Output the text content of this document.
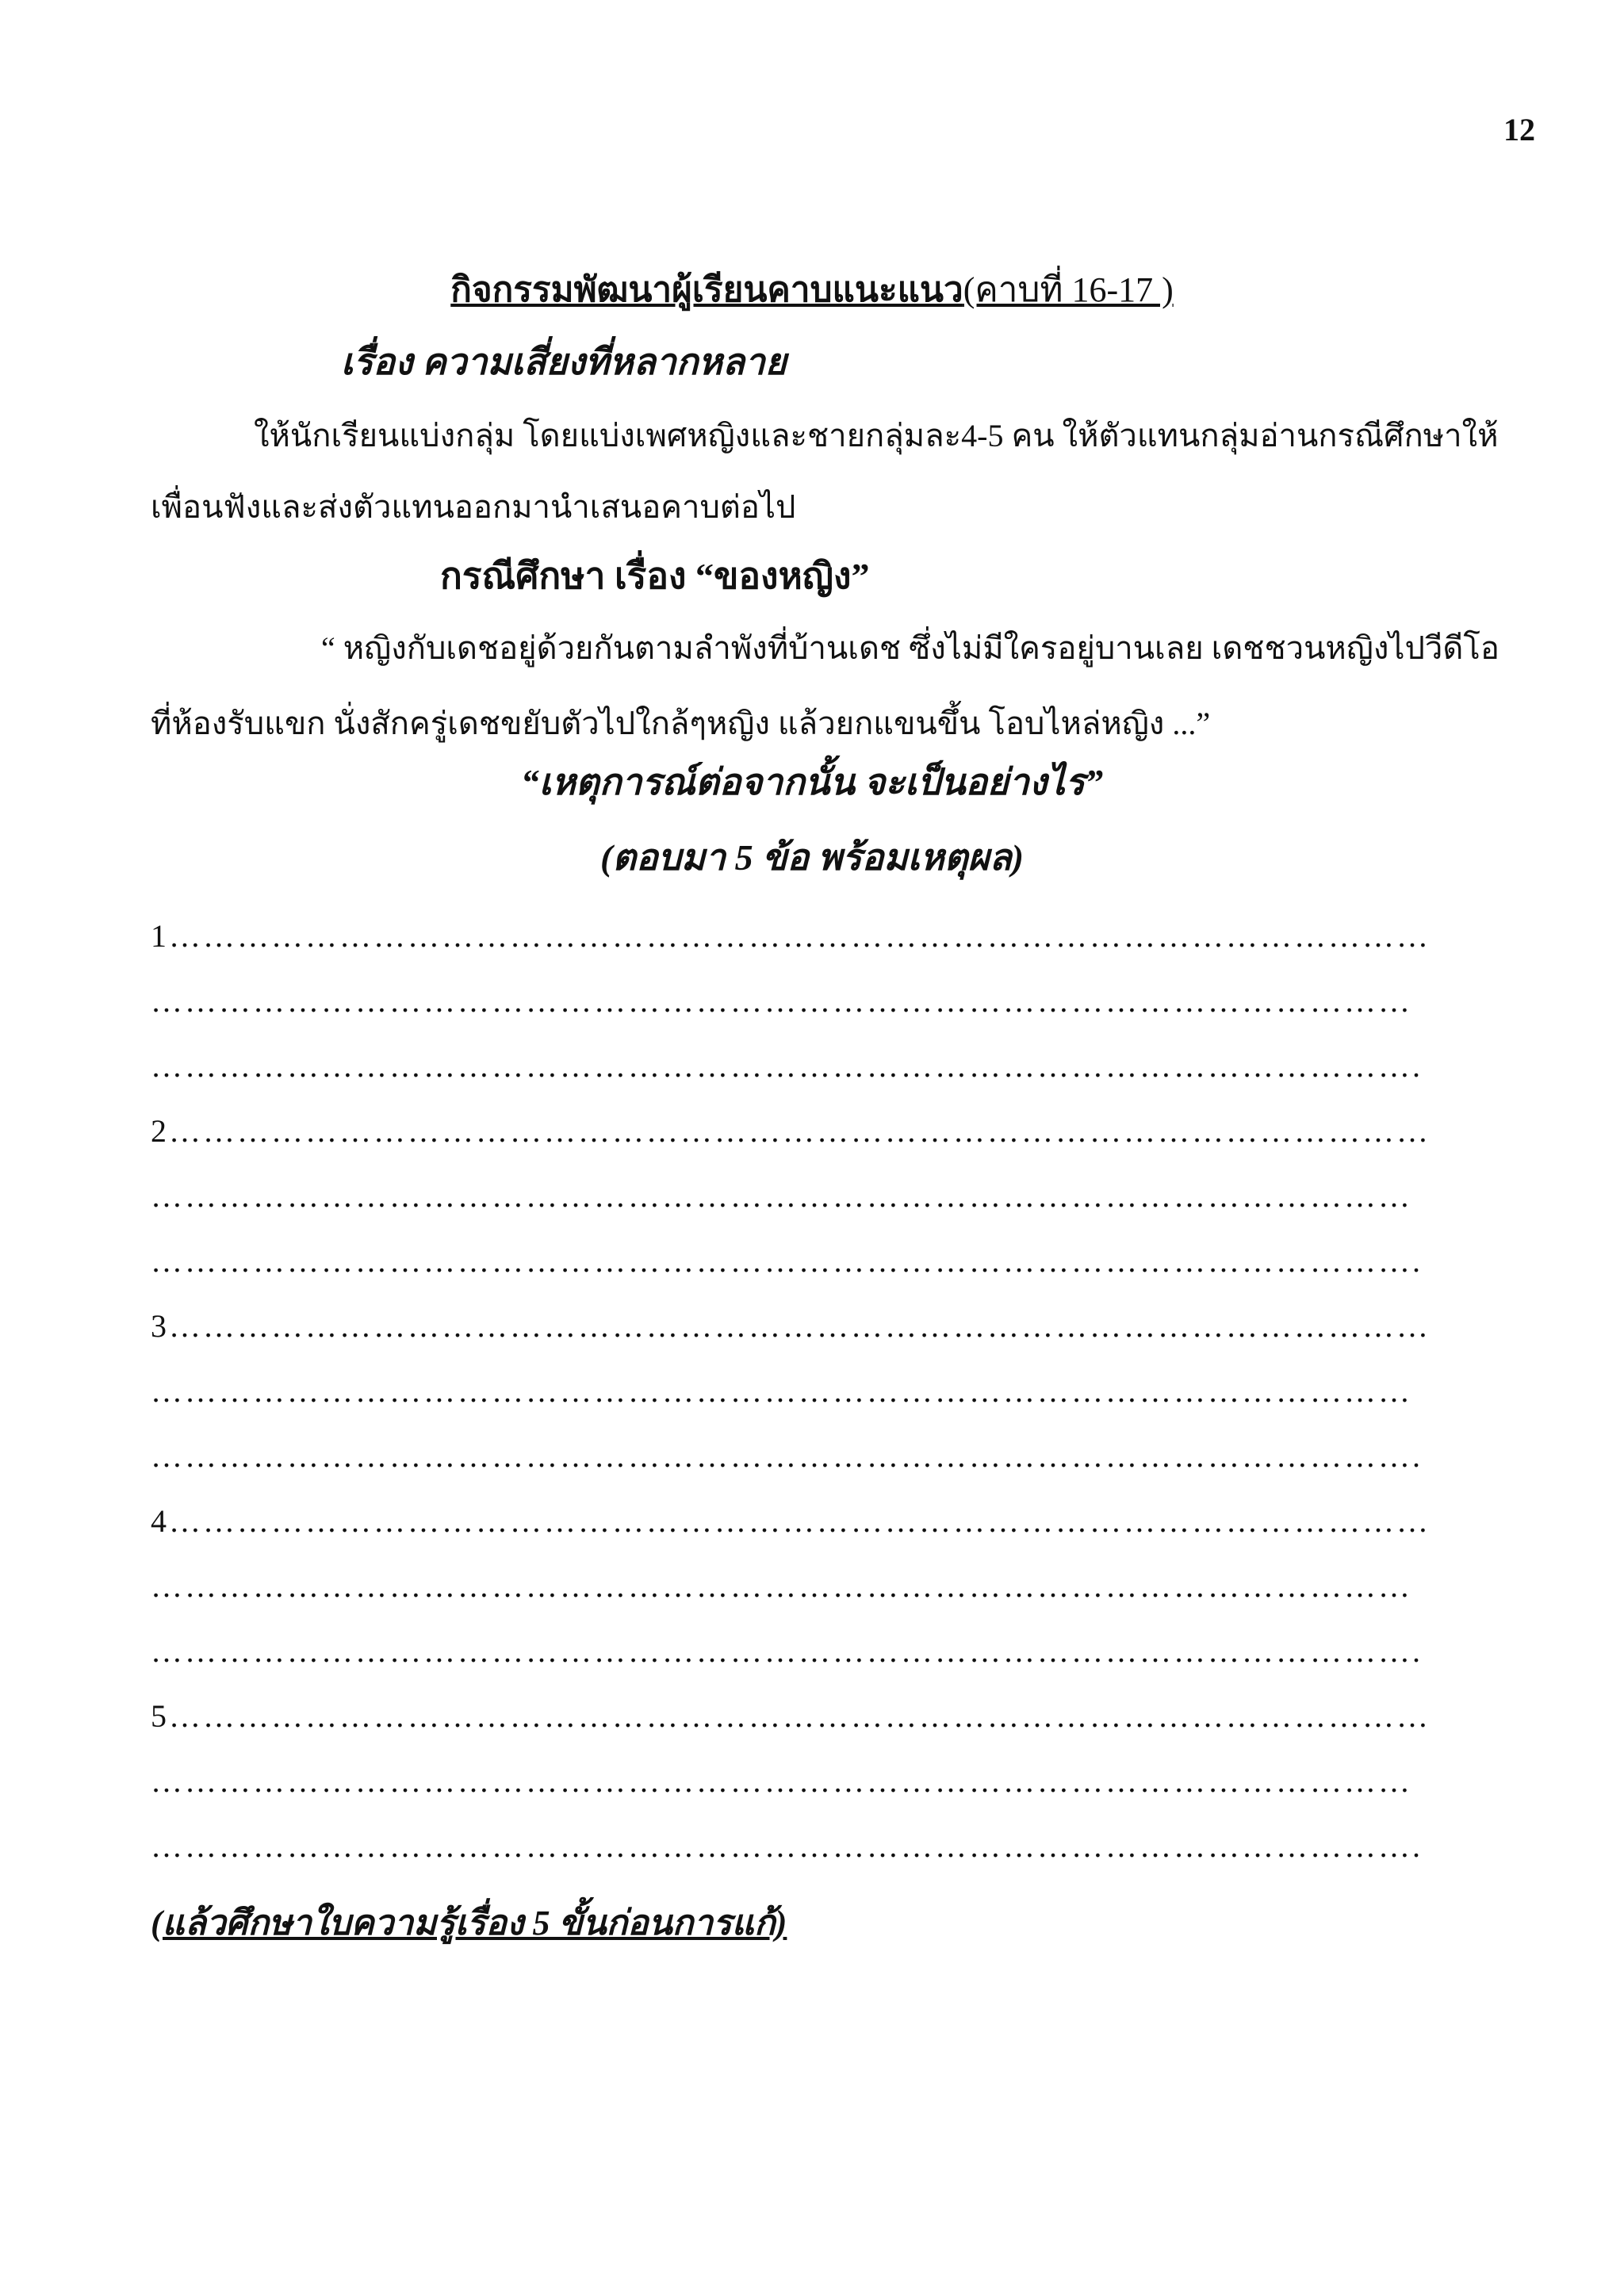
12
กิจกรรมพัฒนาผู้เรียนคาบแนะแนว(คาบที่ 16-17 )
เรื่อง ความเสี่ยงที่หลากหลาย
ให้นักเรียนแบ่งกลุ่ม โดยแบ่งเพศหญิงและชายกลุ่มละ4-5 คน ให้ตัวแทนกลุ่มอ่านกรณีศึกษาให้เพื่อนฟังและส่งตัวแทนออกมานำเสนอคาบต่อไป
กรณีศึกษา เรื่อง “ของหญิง”
“ หญิงกับเดชอยู่ด้วยกันตามลำพังที่บ้านเดช ซึ่งไม่มีใครอยู่บานเลย เดชชวนหญิงไปวีดีโอที่ห้องรับแขก นั่งสักครู่เดชขยับตัวไปใกล้ๆหญิง แล้วยกแขนขึ้น โอบไหล่หญิง ...”
“เหตุการณ์ต่อจากนั้น จะเป็นอย่างไร”
(ตอบมา 5 ข้อ พร้อมเหตุผล)
1…………………………………………………………………………………………………
…………………………………………………………………………………………………
………………………………………………………………………………………………….
2…………………………………………………………………………………………………
…………………………………………………………………………………………………
………………………………………………………………………………………………….
3…………………………………………………………………………………………………
…………………………………………………………………………………………………
………………………………………………………………………………………………….
4…………………………………………………………………………………………………
…………………………………………………………………………………………………
………………………………………………………………………………………………….
5…………………………………………………………………………………………………
…………………………………………………………………………………………………
………………………………………………………………………………………………….
(แล้วศึกษาใบความรู้เรื่อง 5 ขั้นก่อนการแก้)
